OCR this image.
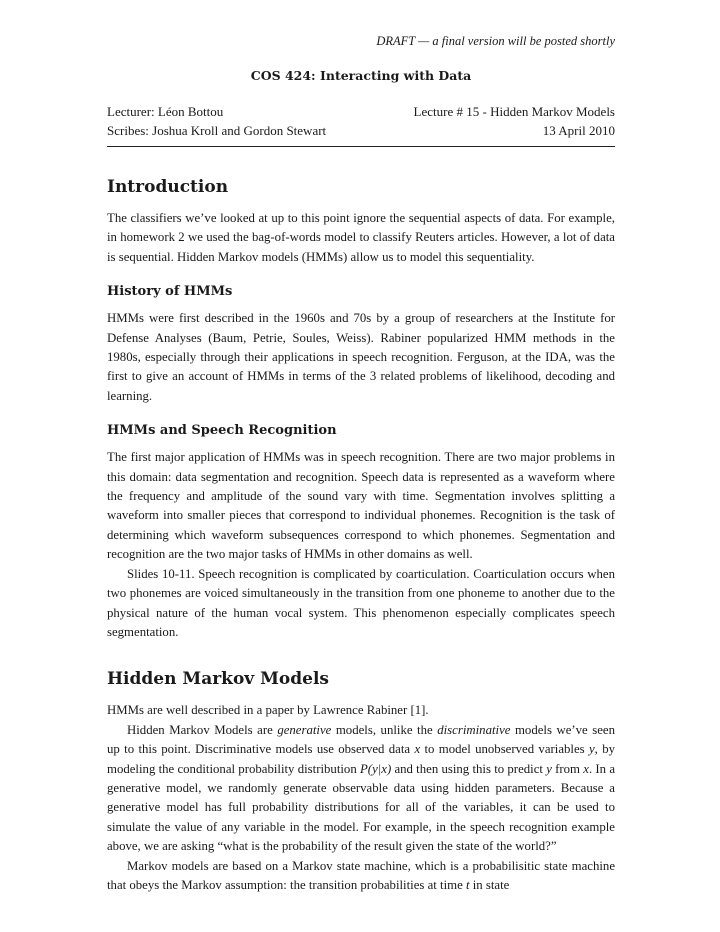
DRAFT — a final version will be posted shortly
COS 424: Interacting with Data
Lecturer: Léon Bottou	Lecture # 15 - Hidden Markov Models
Scribes: Joshua Kroll and Gordon Stewart	13 April 2010
Introduction

The classifiers we’ve looked at up to this point ignore the sequential aspects of data. For example, in homework 2 we used the bag-of-words model to classify Reuters articles. However, a lot of data is sequential. Hidden Markov models (HMMs) allow us to model this sequentiality.

History of HMMs

HMMs were first described in the 1960s and 70s by a group of researchers at the Institute for Defense Analyses (Baum, Petrie, Soules, Weiss). Rabiner popularized HMM methods in the 1980s, especially through their applications in speech recognition. Ferguson, at the IDA, was the first to give an account of HMMs in terms of the 3 related problems of likelihood, decoding and learning.

HMMs and Speech Recognition

The first major application of HMMs was in speech recognition. There are two major problems in this domain: data segmentation and recognition. Speech data is represented as a waveform where the frequency and amplitude of the sound vary with time. Segmentation involves splitting a waveform into smaller pieces that correspond to individual phonemes. Recognition is the task of determining which waveform subsequences correspond to which phonemes. Segmentation and recognition are the two major tasks of HMMs in other domains as well.

Slides 10-11. Speech recognition is complicated by coarticulation. Coarticulation occurs when two phonemes are voiced simultaneously in the transition from one phoneme to another due to the physical nature of the human vocal system. This phenomenon especially complicates speech segmentation.

Hidden Markov Models

HMMs are well described in a paper by Lawrence Rabiner [1].

Hidden Markov Models are generative models, unlike the discriminative models we’ve seen up to this point. Discriminative models use observed data x to model unobserved variables y, by modeling the conditional probability distribution P(y|x) and then using this to predict y from x. In a generative model, we randomly generate observable data using hidden parameters. Because a generative model has full probability distributions for all of the variables, it can be used to simulate the value of any variable in the model. For example, in the speech recognition example above, we are asking “what is the probability of the result given the state of the world?”

Markov models are based on a Markov state machine, which is a probabilisitic state machine that obeys the Markov assumption: the transition probabilities at time t in state
